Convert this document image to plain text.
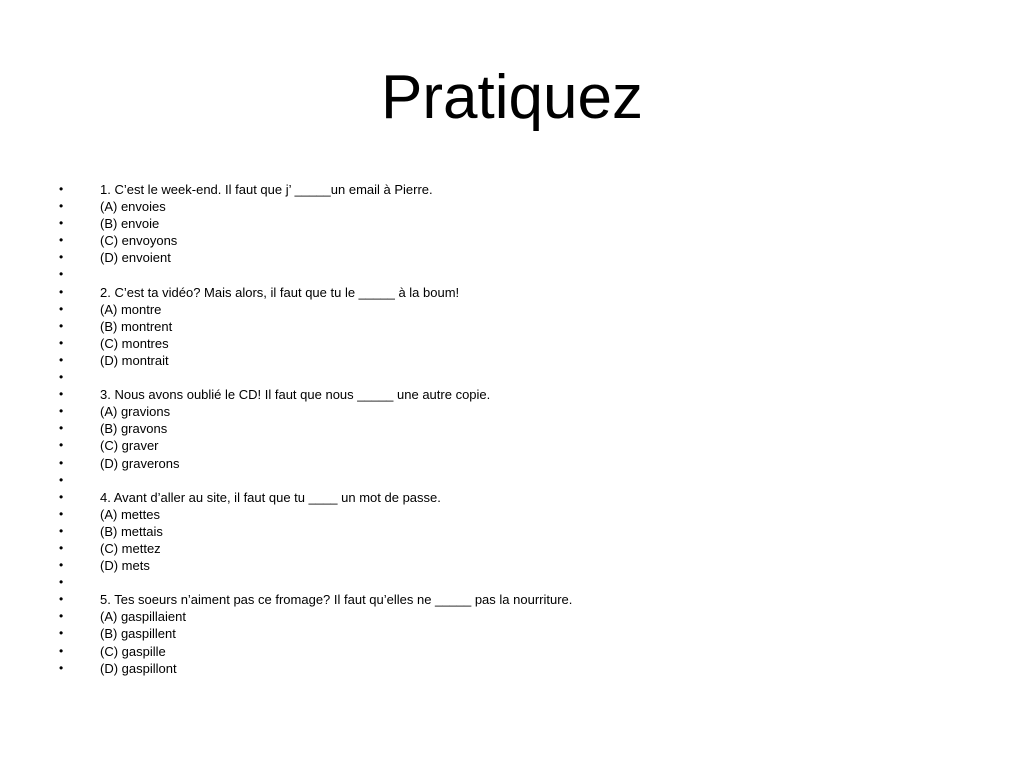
Pratiquez
•	1. C’est le week-end. Il faut que j’ _____un email à Pierre.
•	(A) envoies
•	(B) envoie
•	(C) envoyons
•	(D) envoient
•
•	2. C’est ta vidéo? Mais alors, il faut que tu le _____ à la boum!
•	(A) montre
•	(B) montrent
•	(C) montres
•	(D) montrait
•
•	3. Nous avons oublié le CD! Il faut que nous _____ une autre copie.
•	(A) gravions
•	(B) gravons
•	(C) graver
•	(D) graverons
•
•	4. Avant d’aller au site, il faut que tu ____ un mot de passe.
•	(A) mettes
•	(B) mettais
•	(C) mettez
•	(D) mets
•
•	5. Tes soeurs n’aiment pas ce fromage? Il faut qu’elles ne _____ pas la nourriture.
•	(A) gaspillaient
•	(B) gaspillent
•	(C) gaspille
•	(D) gaspillont
